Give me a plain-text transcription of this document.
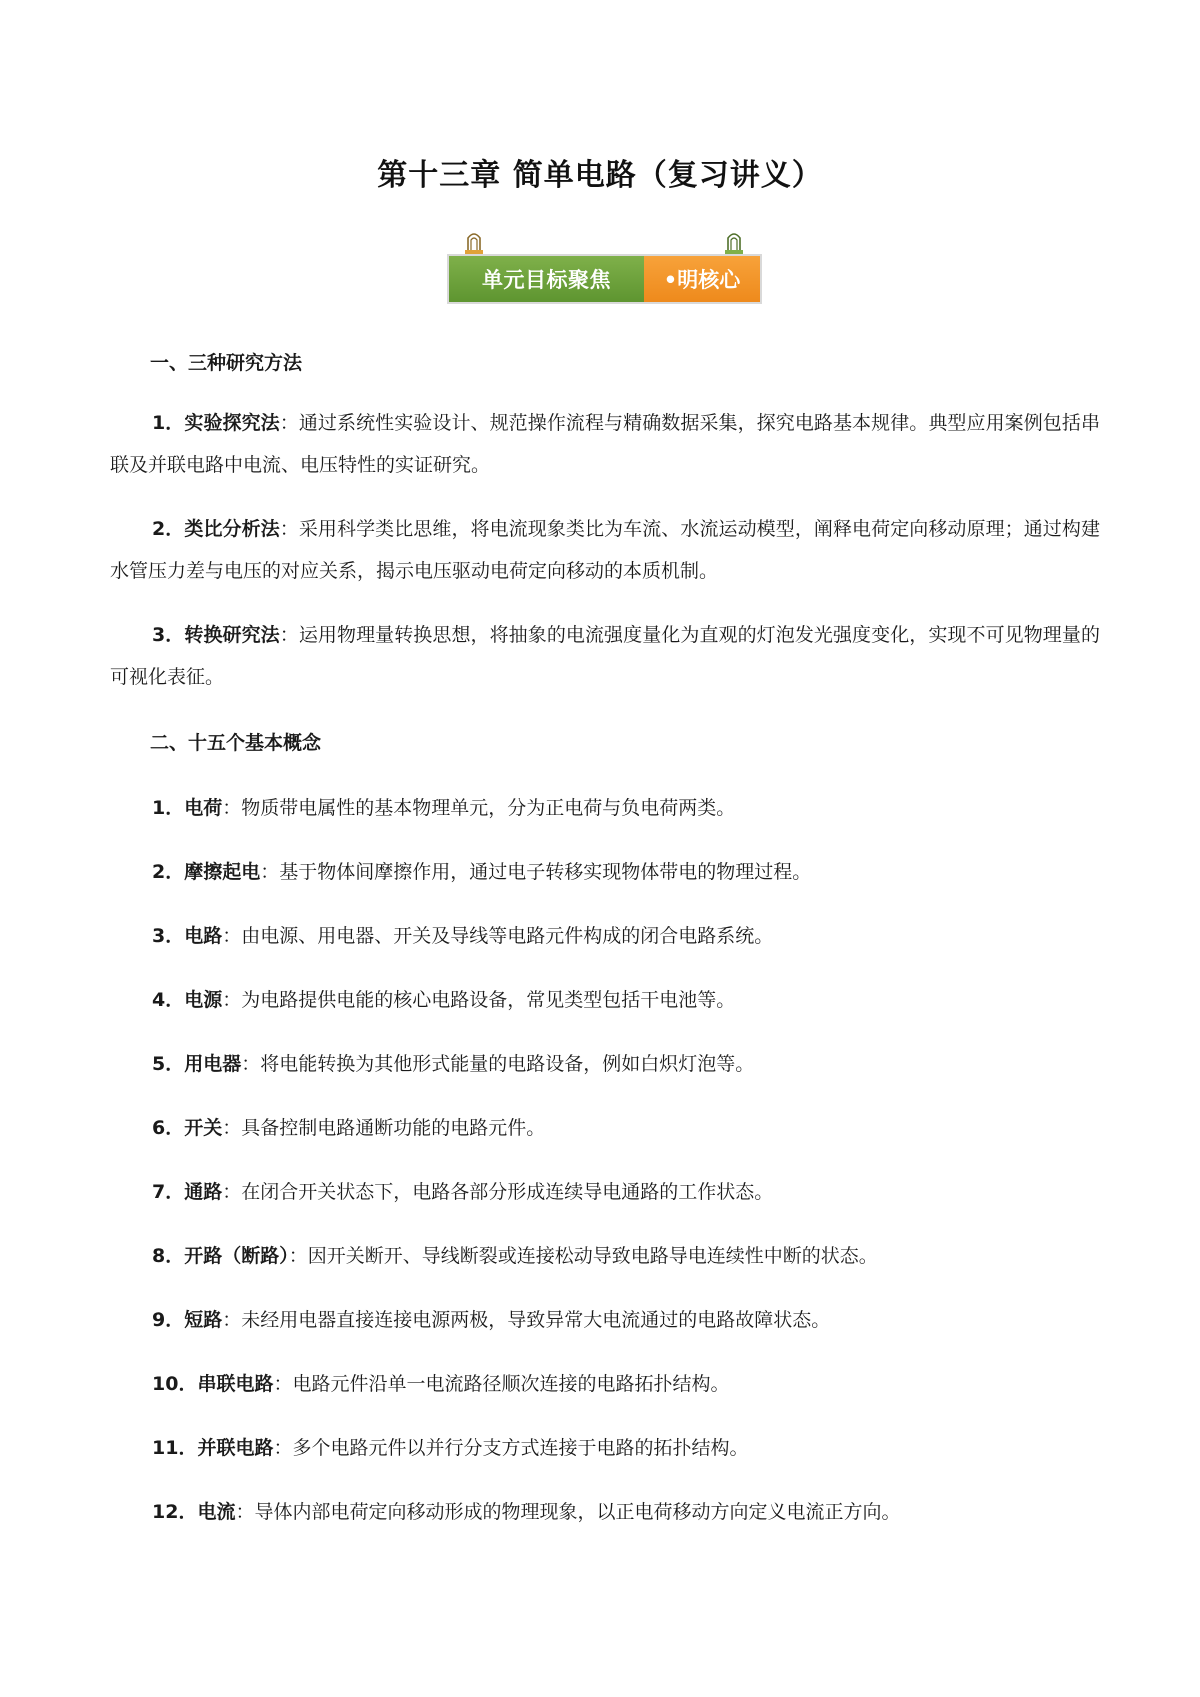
第十三章 简单电路（复习讲义）
单元目标聚焦	•明核心
一、三种研究方法

1．实验探究法：通过系统性实验设计、规范操作流程与精确数据采集，探究电路基本规律。典型应用案例包括串联及并联电路中电流、电压特性的实证研究。

2．类比分析法：采用科学类比思维，将电流现象类比为车流、水流运动模型，阐释电荷定向移动原理；通过构建水管压力差与电压的对应关系，揭示电压驱动电荷定向移动的本质机制。

3．转换研究法：运用物理量转换思想，将抽象的电流强度量化为直观的灯泡发光强度变化，实现不可见物理量的可视化表征。

二、十五个基本概念

1．电荷：物质带电属性的基本物理单元，分为正电荷与负电荷两类。

2．摩擦起电：基于物体间摩擦作用，通过电子转移实现物体带电的物理过程。

3．电路：由电源、用电器、开关及导线等电路元件构成的闭合电路系统。

4．电源：为电路提供电能的核心电路设备，常见类型包括干电池等。

5．用电器：将电能转换为其他形式能量的电路设备，例如白炽灯泡等。

6．开关：具备控制电路通断功能的电路元件。

7．通路：在闭合开关状态下，电路各部分形成连续导电通路的工作状态。

8．开路（断路）：因开关断开、导线断裂或连接松动导致电路导电连续性中断的状态。

9．短路：未经用电器直接连接电源两极，导致异常大电流通过的电路故障状态。

10．串联电路：电路元件沿单一电流路径顺次连接的电路拓扑结构。

11．并联电路：多个电路元件以并行分支方式连接于电路的拓扑结构。

12．电流：导体内部电荷定向移动形成的物理现象，以正电荷移动方向定义电流正方向。
